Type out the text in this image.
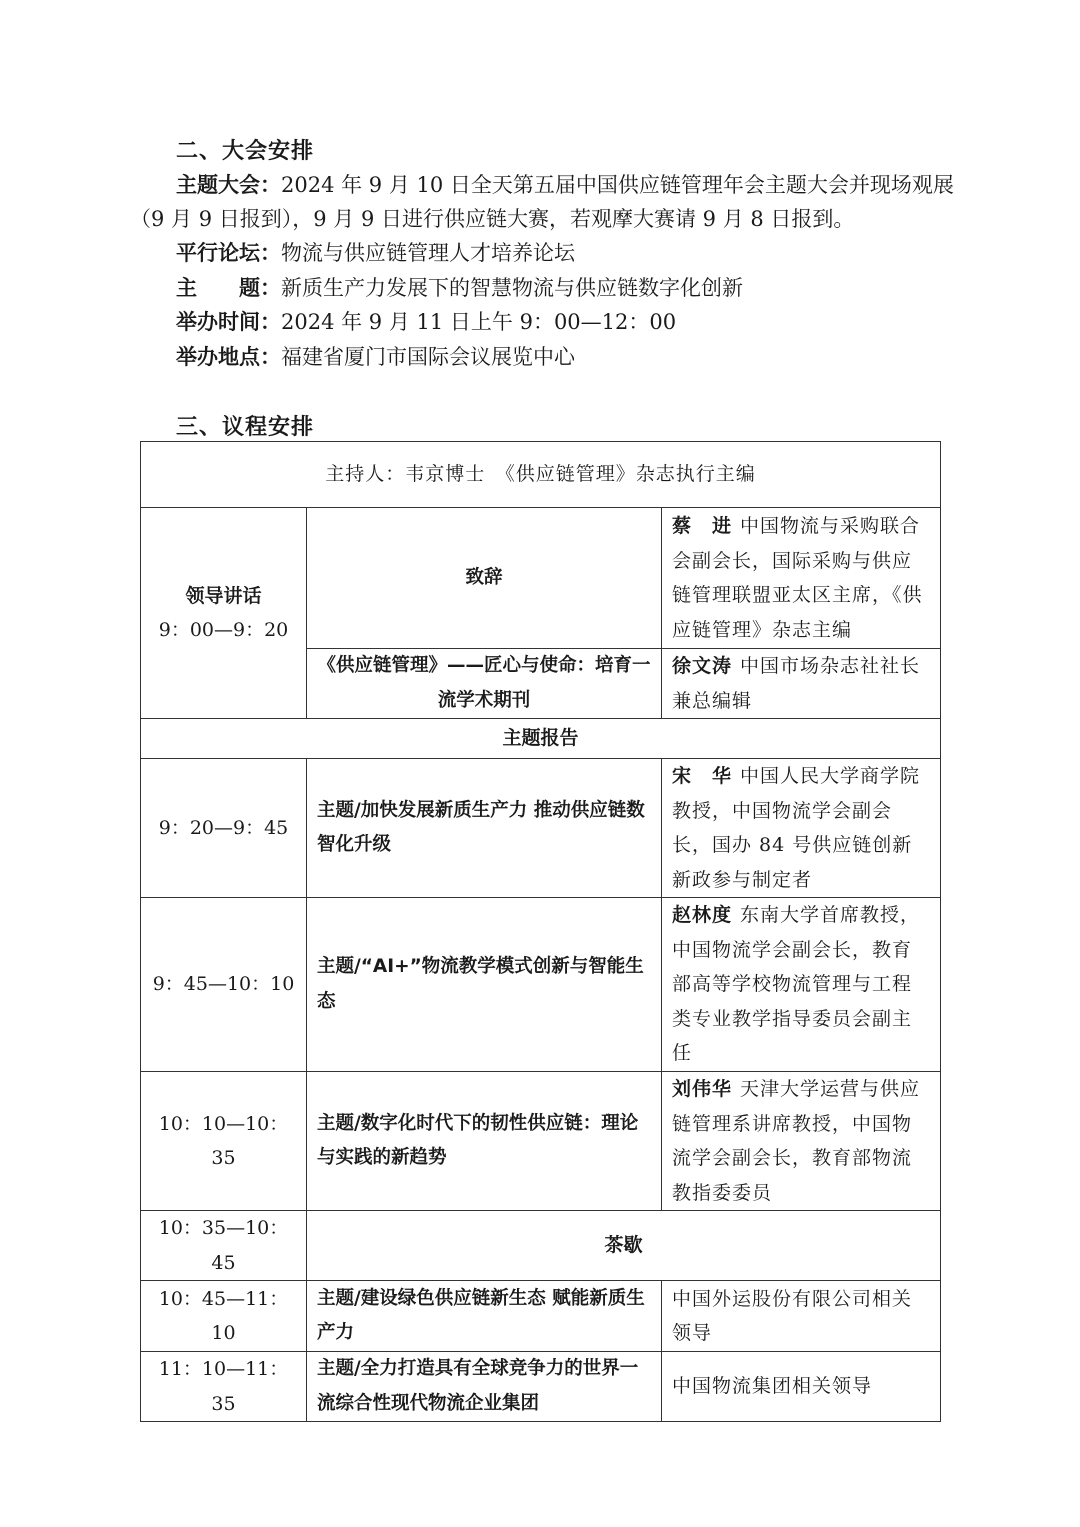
二、大会安排
主题大会：2024 年 9 月 10 日全天第五届中国供应链管理年会主题大会并现场观展（9 月 9 日报到），9 月 9 日进行供应链大赛，若观摩大赛请 9 月 8 日报到。
平行论坛：物流与供应链管理人才培养论坛
主　　题：新质生产力发展下的智慧物流与供应链数字化创新
举办时间：2024 年 9 月 11 日上午 9：00—12：00
举办地点：福建省厦门市国际会议展览中心
三、议程安排
主持人：韦京博士　《供应链管理》杂志执行主编		

领导讲话
9：00—9：20	致辞	蔡　进 中国物流与采购联合会副会长，国际采购与供应链管理联盟亚太区主席，《供应链管理》杂志主编
	《供应链管理》——匠心与使命：培育一流学术期刊	徐文涛 中国市场杂志社社长兼总编辑
主题报告		
9：20—9：45	主题/加快发展新质生产力 推动供应链数智化升级	宋　华 中国人民大学商学院教授，中国物流学会副会长，国办 84 号供应链创新新政参与制定者
9：45—10：10	主题/“AI+”物流教学模式创新与智能生态	赵林度 东南大学首席教授，中国物流学会副会长，教育部高等学校物流管理与工程类专业教学指导委员会副主任
10：10—10：35	主题/数字化时代下的韧性供应链：理论与实践的新趋势	刘伟华 天津大学运营与供应链管理系讲席教授，中国物流学会副会长，教育部物流教指委委员
10：35—10：45	茶歇	
10：45—11：10	主题/建设绿色供应链新生态 赋能新质生产力	中国外运股份有限公司相关领导
11：10—11：35	主题/全力打造具有全球竞争力的世界一流综合性现代物流企业集团	中国物流集团相关领导
